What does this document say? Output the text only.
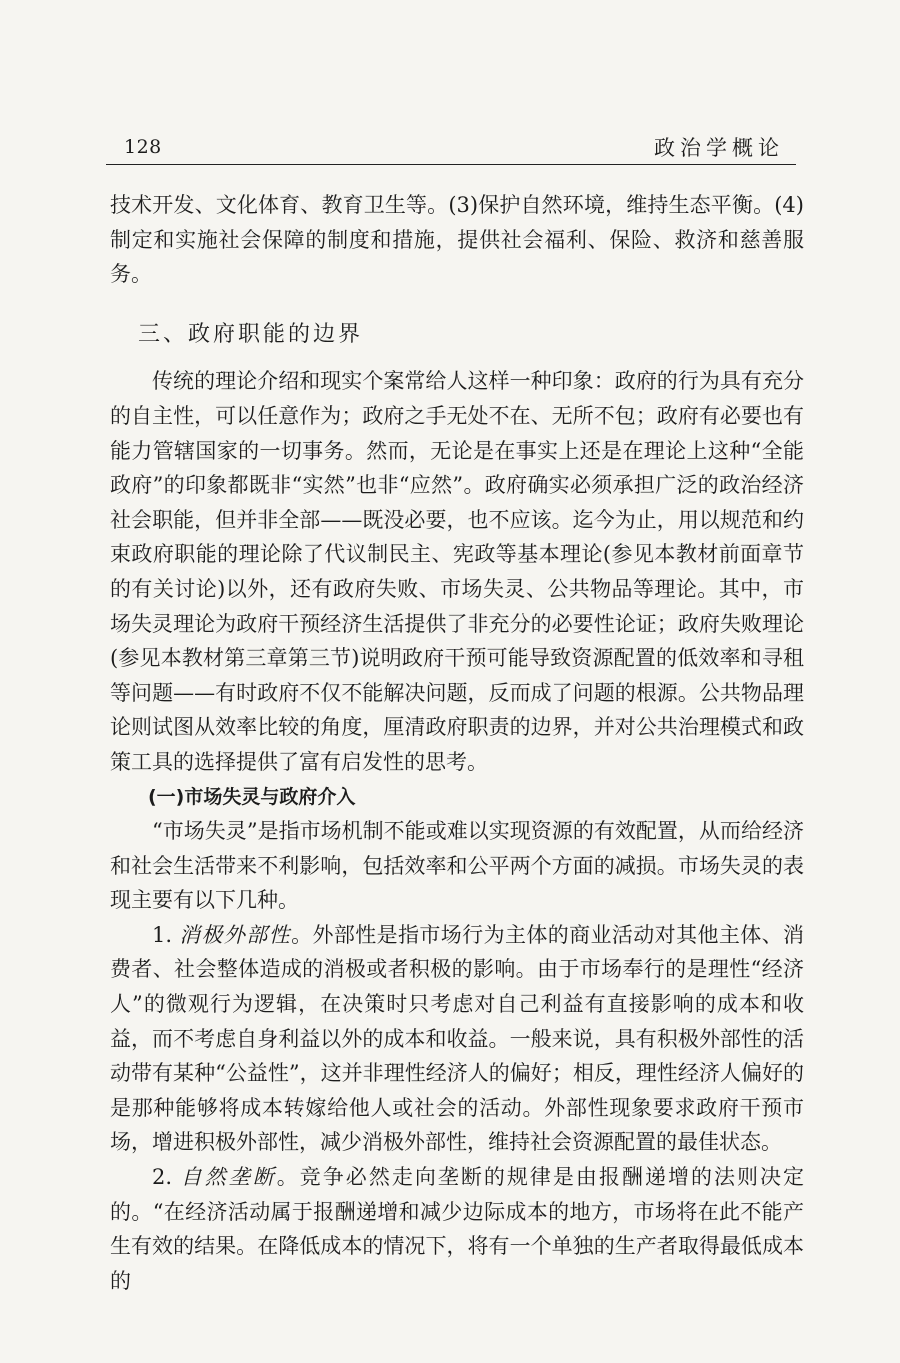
128	政治学概论

技术开发、文化体育、教育卫生等。(3)保护自然环境，维持生态平衡。(4)制定和实施社会保障的制度和措施，提供社会福利、保险、救济和慈善服务。

三、政府职能的边界

传统的理论介绍和现实个案常给人这样一种印象：政府的行为具有充分的自主性，可以任意作为；政府之手无处不在、无所不包；政府有必要也有能力管辖国家的一切事务。然而，无论是在事实上还是在理论上这种“全能政府”的印象都既非“实然”也非“应然”。政府确实必须承担广泛的政治经济社会职能，但并非全部——既没必要，也不应该。迄今为止，用以规范和约束政府职能的理论除了代议制民主、宪政等基本理论(参见本教材前面章节的有关讨论)以外，还有政府失败、市场失灵、公共物品等理论。其中，市场失灵理论为政府干预经济生活提供了非充分的必要性论证；政府失败理论(参见本教材第三章第三节)说明政府干预可能导致资源配置的低效率和寻租等问题——有时政府不仅不能解决问题，反而成了问题的根源。公共物品理论则试图从效率比较的角度，厘清政府职责的边界，并对公共治理模式和政策工具的选择提供了富有启发性的思考。

(一)市场失灵与政府介入

“市场失灵”是指市场机制不能或难以实现资源的有效配置，从而给经济和社会生活带来不利影响，包括效率和公平两个方面的减损。市场失灵的表现主要有以下几种。

1. 消极外部性。外部性是指市场行为主体的商业活动对其他主体、消费者、社会整体造成的消极或者积极的影响。由于市场奉行的是理性“经济人”的微观行为逻辑，在决策时只考虑对自己利益有直接影响的成本和收益，而不考虑自身利益以外的成本和收益。一般来说，具有积极外部性的活动带有某种“公益性”，这并非理性经济人的偏好；相反，理性经济人偏好的是那种能够将成本转嫁给他人或社会的活动。外部性现象要求政府干预市场，增进积极外部性，减少消极外部性，维持社会资源配置的最佳状态。

2. 自然垄断。竞争必然走向垄断的规律是由报酬递增的法则决定的。“在经济活动属于报酬递增和减少边际成本的地方，市场将在此不能产生有效的结果。在降低成本的情况下，将有一个单独的生产者取得最低成本的
